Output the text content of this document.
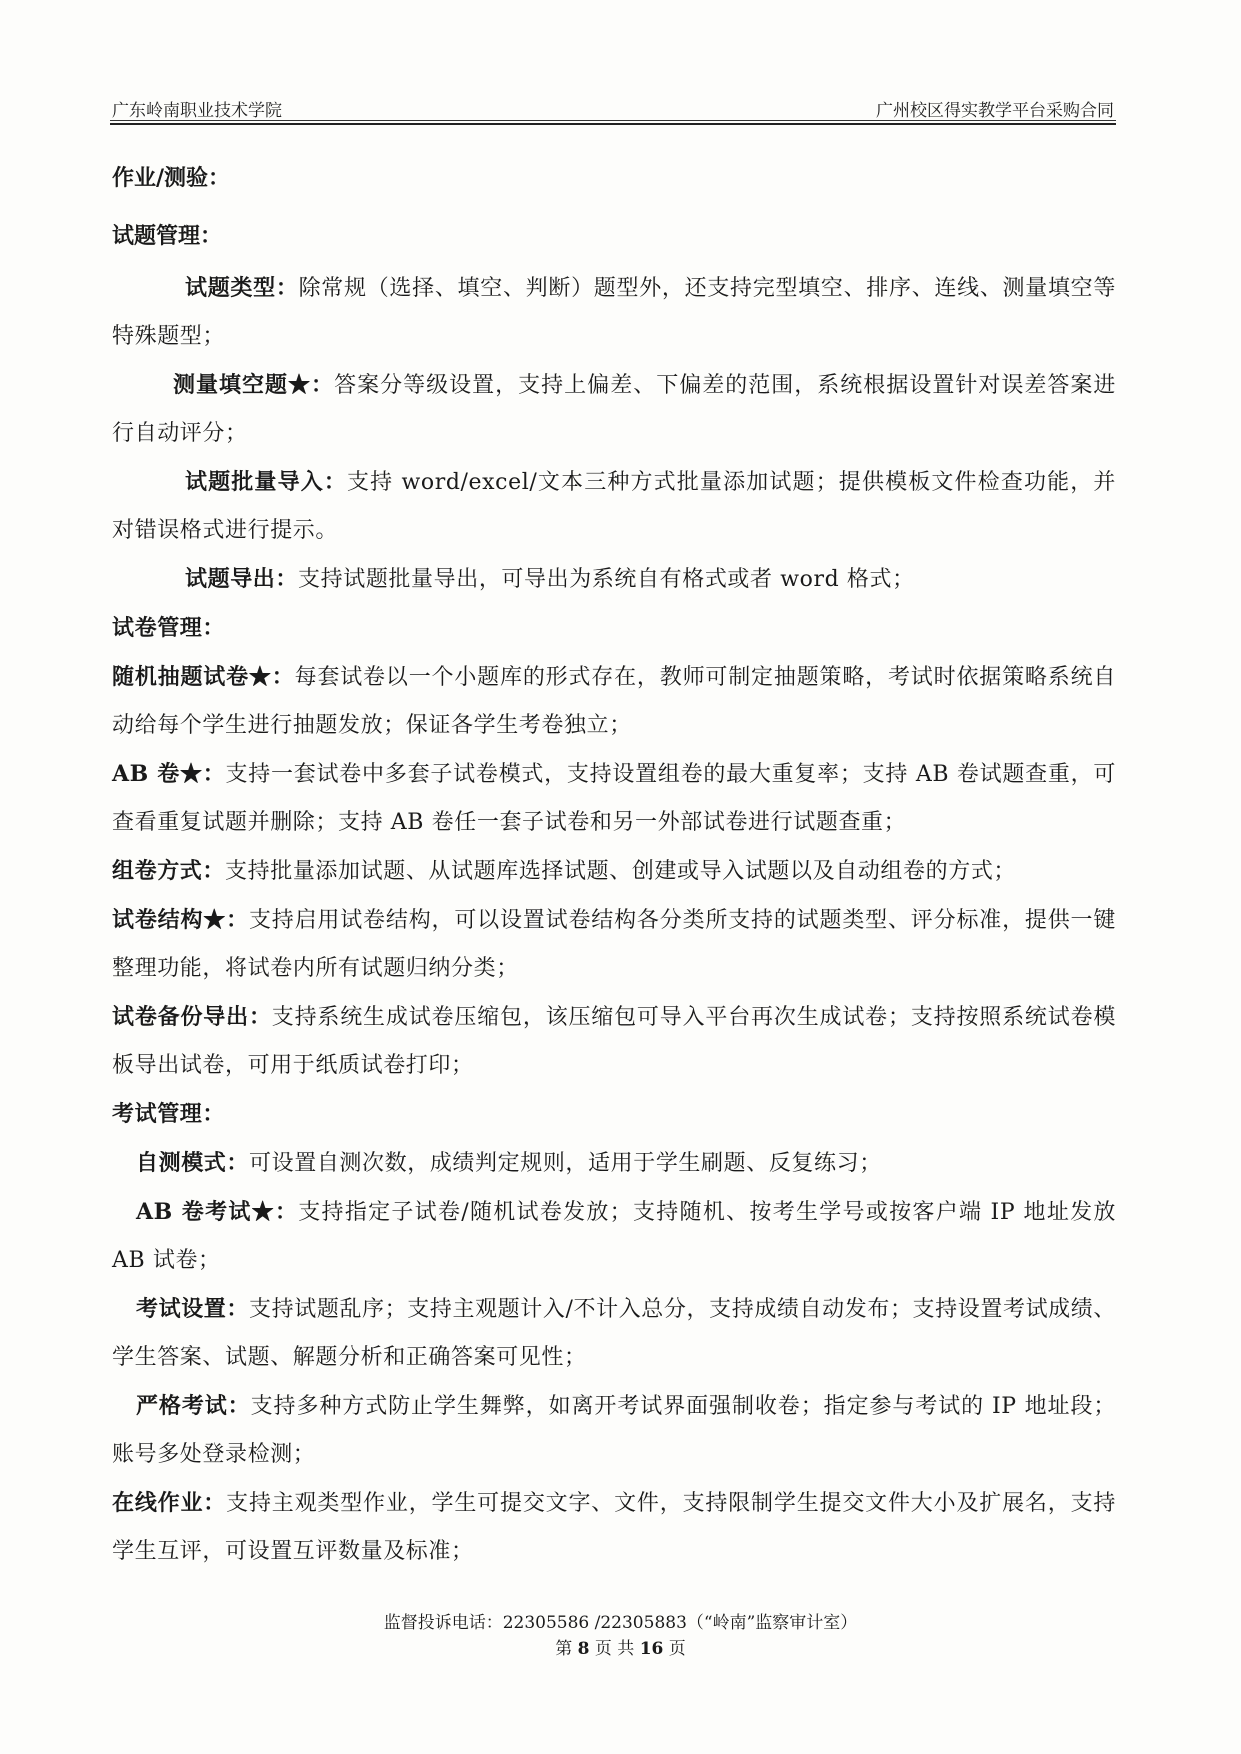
广东岭南职业技术学院	广州校区得实教学平台采购合同

作业/测验：

试题管理：

试题类型：除常规（选择、填空、判断）题型外，还支持完型填空、排序、连线、测量填空等特殊题型；

测量填空题★：答案分等级设置，支持上偏差、下偏差的范围，系统根据设置针对误差答案进行自动评分；

试题批量导入：支持 word/excel/文本三种方式批量添加试题；提供模板文件检查功能，并对错误格式进行提示。

试题导出：支持试题批量导出，可导出为系统自有格式或者 word 格式；

试卷管理：

随机抽题试卷★：每套试卷以一个小题库的形式存在，教师可制定抽题策略，考试时依据策略系统自动给每个学生进行抽题发放；保证各学生考卷独立；

AB 卷★：支持一套试卷中多套子试卷模式，支持设置组卷的最大重复率；支持 AB 卷试题查重，可查看重复试题并删除；支持 AB 卷任一套子试卷和另一外部试卷进行试题查重；

组卷方式：支持批量添加试题、从试题库选择试题、创建或导入试题以及自动组卷的方式；

试卷结构★：支持启用试卷结构，可以设置试卷结构各分类所支持的试题类型、评分标准，提供一键整理功能，将试卷内所有试题归纳分类；

试卷备份导出：支持系统生成试卷压缩包，该压缩包可导入平台再次生成试卷；支持按照系统试卷模板导出试卷，可用于纸质试卷打印；

考试管理：

自测模式：可设置自测次数，成绩判定规则，适用于学生刷题、反复练习；

AB 卷考试★：支持指定子试卷/随机试卷发放；支持随机、按考生学号或按客户端 IP 地址发放 AB 试卷；

考试设置：支持试题乱序；支持主观题计入/不计入总分，支持成绩自动发布；支持设置考试成绩、学生答案、试题、解题分析和正确答案可见性；

严格考试：支持多种方式防止学生舞弊，如离开考试界面强制收卷；指定参与考试的 IP 地址段；账号多处登录检测；

在线作业：支持主观类型作业，学生可提交文字、文件，支持限制学生提交文件大小及扩展名，支持学生互评，可设置互评数量及标准；

监督投诉电话：22305586 /22305883（“岭南”监察审计室）
第 8 页 共 16 页
